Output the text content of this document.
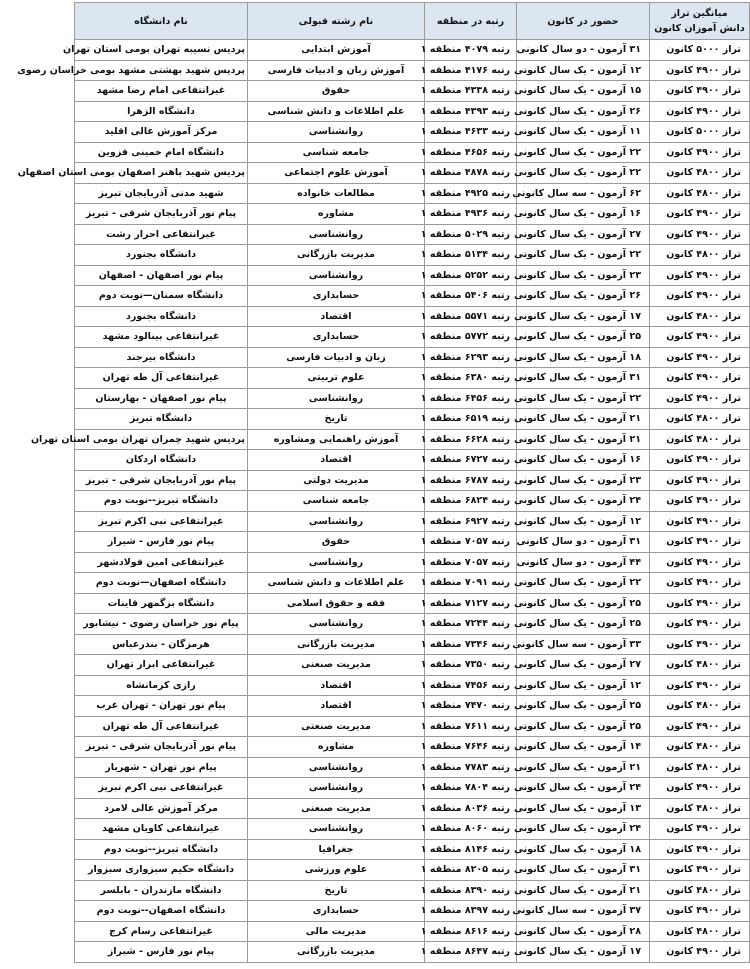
میانگین تراز
دانش آموزان کانون	حضور در کانون	رتبه در منطقه	نام رشته قبولی	نام دانشگاه
تراز ۵۰۰۰ کانون	۳۱ آزمون - دو سال کانونی	رتبه ۴۰۷۹ منطقه ۱	آموزش ابتدایی	پردیس نسیبه تهران بومی استان تهران
تراز ۴۹۰۰ کانون	۱۲ آزمون - یک سال کانونی	رتبه ۴۱۷۶ منطقه ۱	آموزش زبان و ادبیات فارسی	پردیس شهید بهشتی مشهد بومی خراسان رضوی
تراز ۴۹۰۰ کانون	۱۵ آزمون - یک سال کانونی	رتبه ۴۳۳۸ منطقه ۱	حقوق	غیرانتفاعی امام رضا مشهد
تراز ۴۹۰۰ کانون	۲۶ آزمون - یک سال کانونی	رتبه ۴۳۹۳ منطقه ۱	علم اطلاعات و دانش شناسی	دانشگاه الزهرا
تراز ۵۰۰۰ کانون	۱۱ آزمون - یک سال کانونی	رتبه ۴۶۳۳ منطقه ۱	روانشناسی	مرکز آموزش عالی اقلید
تراز ۴۹۰۰ کانون	۲۲ آزمون - یک سال کانونی	رتبه ۴۶۵۶ منطقه ۱	جامعه شناسی	دانشگاه امام خمینی قزوین
تراز ۴۸۰۰ کانون	۲۲ آزمون - یک سال کانونی	رتبه ۴۸۷۸ منطقه ۱	آموزش علوم اجتماعی	پردیس شهید باهنر اصفهان بومی استان اصفهان
تراز ۴۸۰۰ کانون	۶۲ آزمون - سه سال کانونی	رتبه ۴۹۲۵ منطقه ۱	مطالعات خانواده	شهید مدنی آذربایجان تبریز
تراز ۴۹۰۰ کانون	۱۶ آزمون - یک سال کانونی	رتبه ۴۹۳۶ منطقه ۱	مشاوره	پیام نور آذربایجان شرقی - تبریز
تراز ۴۹۰۰ کانون	۲۷ آزمون - یک سال کانونی	رتبه ۵۰۲۹ منطقه ۱	روانشناسی	غیرانتفاعی احرار رشت
تراز ۴۸۰۰ کانون	۲۲ آزمون - یک سال کانونی	رتبه ۵۱۳۴ منطقه ۱	مدیریت بازرگانی	دانشگاه بجنورد
تراز ۴۹۰۰ کانون	۲۳ آزمون - یک سال کانونی	رتبه ۵۲۵۲ منطقه ۱	روانشناسی	پیام نور اصفهان - اصفهان
تراز ۴۹۰۰ کانون	۲۶ آزمون - یک سال کانونی	رتبه ۵۴۰۶ منطقه ۱	حسابداری	دانشگاه سمنان—نوبت دوم
تراز ۴۸۰۰ کانون	۱۷ آزمون - یک سال کانونی	رتبه ۵۵۷۱ منطقه ۱	اقتصاد	دانشگاه بجنورد
تراز ۴۹۰۰ کانون	۲۵ آزمون - یک سال کانونی	رتبه ۵۷۷۲ منطقه ۱	حسابداری	غیرانتفاعی بینالود مشهد
تراز ۴۹۰۰ کانون	۱۸ آزمون - یک سال کانونی	رتبه ۶۲۹۳ منطقه ۱	زبان و ادبیات فارسی	دانشگاه بیرجند
تراز ۴۹۰۰ کانون	۳۱ آزمون - یک سال کانونی	رتبه ۶۳۸۰ منطقه ۱	علوم تربیتی	غیرانتفاعی آل طه تهران
تراز ۴۹۰۰ کانون	۲۲ آزمون - یک سال کانونی	رتبه ۶۴۵۶ منطقه ۱	روانشناسی	پیام نور اصفهان - بهارستان
تراز ۴۸۰۰ کانون	۲۱ آزمون - یک سال کانونی	رتبه ۶۵۱۹ منطقه ۱	تاریخ	دانشگاه تبریز
تراز ۴۸۰۰ کانون	۲۱ آزمون - یک سال کانونی	رتبه ۶۶۲۸ منطقه ۱	آموزش راهنمایی ومشاوره	پردیس شهید چمران تهران بومی استان تهران
تراز ۴۹۰۰ کانون	۱۶ آزمون - یک سال کانونی	رتبه ۶۷۲۷ منطقه ۱	اقتصاد	دانشگاه اردکان
تراز ۴۹۰۰ کانون	۲۳ آزمون - یک سال کانونی	رتبه ۶۷۸۷ منطقه ۱	مدیریت دولتی	پیام نور آذربایجان شرقی - تبریز
تراز ۴۹۰۰ کانون	۲۴ آزمون - یک سال کانونی	رتبه ۶۸۲۴ منطقه ۱	جامعه شناسی	دانشگاه تبریز--نوبت دوم
تراز ۴۹۰۰ کانون	۱۲ آزمون - یک سال کانونی	رتبه ۶۹۲۷ منطقه ۱	روانشناسی	غیرانتفاعی نبی اکرم تبریز
تراز ۴۹۰۰ کانون	۳۱ آزمون - دو سال کانونی	رتبه ۷۰۵۷ منطقه ۱	حقوق	پیام نور فارس - شیراز
تراز ۴۹۰۰ کانون	۴۴ آزمون - دو سال کانونی	رتبه ۷۰۵۷ منطقه ۱	روانشناسی	غیرانتفاعی امین فولادشهر
تراز ۴۹۰۰ کانون	۲۲ آزمون - یک سال کانونی	رتبه ۷۰۹۱ منطقه ۱	علم اطلاعات و دانش شناسی	دانشگاه اصفهان—نوبت دوم
تراز ۴۹۰۰ کانون	۲۵ آزمون - یک سال کانونی	رتبه ۷۱۲۷ منطقه ۱	فقه و حقوق اسلامی	دانشگاه بزگمهر قاینات
تراز ۴۹۰۰ کانون	۲۵ آزمون - یک سال کانونی	رتبه ۷۲۴۴ منطقه ۱	روانشناسی	پیام نور خراسان رضوی - نیشابور
تراز ۴۹۰۰ کانون	۳۳ آزمون - سه سال کانونی	رتبه ۷۳۴۶ منطقه ۱	مدیریت بازرگانی	هرمزگان - بندرعباس
تراز ۴۸۰۰ کانون	۲۷ آزمون - یک سال کانونی	رتبه ۷۳۵۰ منطقه ۱	مدیریت صنعتی	غیرانتفاعی ابرار تهران
تراز ۴۹۰۰ کانون	۱۲ آزمون - یک سال کانونی	رتبه ۷۴۵۶ منطقه ۱	اقتصاد	رازی کرمانشاه
تراز ۴۸۰۰ کانون	۲۵ آزمون - یک سال کانونی	رتبه ۷۴۷۰ منطقه ۱	اقتصاد	پیام نور تهران - تهران غرب
تراز ۴۹۰۰ کانون	۲۵ آزمون - یک سال کانونی	رتبه ۷۶۱۱ منطقه ۱	مدیریت صنعتی	غیرانتفاعی آل طه تهران
تراز ۴۸۰۰ کانون	۱۴ آزمون - یک سال کانونی	رتبه ۷۶۴۶ منطقه ۱	مشاوره	پیام نور آذربایجان شرقی - تبریز
تراز ۴۸۰۰ کانون	۲۱ آزمون - یک سال کانونی	رتبه ۷۷۸۳ منطقه ۱	روانشناسی	پیام نور تهران - شهریار
تراز ۴۹۰۰ کانون	۲۴ آزمون - یک سال کانونی	رتبه ۷۸۰۴ منطقه ۱	روانشناسی	غیرانتفاعی نبی اکرم تبریز
تراز ۴۸۰۰ کانون	۱۳ آزمون - یک سال کانونی	رتبه ۸۰۳۶ منطقه ۱	مدیریت صنعتی	مرکز آموزش عالی لامرد
تراز ۴۹۰۰ کانون	۲۴ آزمون - یک سال کانونی	رتبه ۸۰۶۰ منطقه ۱	روانشناسی	غیرانتفاعی کاویان مشهد
تراز ۴۹۰۰ کانون	۱۸ آزمون - یک سال کانونی	رتبه ۸۱۴۶ منطقه ۱	جغرافیا	دانشگاه تبریز--نوبت دوم
تراز ۴۹۰۰ کانون	۳۱ آزمون - یک سال کانونی	رتبه ۸۲۰۵ منطقه ۱	علوم ورزشی	دانشگاه حکیم سبزواری سبزوار
تراز ۴۸۰۰ کانون	۲۱ آزمون - یک سال کانونی	رتبه ۸۳۹۰ منطقه ۱	تاریخ	دانشگاه مازندران - بابلسر
تراز ۴۹۰۰ کانون	۳۷ آزمون - سه سال کانونی	رتبه ۸۳۹۷ منطقه ۱	حسابداری	دانشگاه اصفهان--نوبت دوم
تراز ۴۸۰۰ کانون	۲۸ آزمون - یک سال کانونی	رتبه ۸۶۱۶ منطقه ۱	مدیریت مالی	غیرانتفاعی رسام کرج
تراز ۴۹۰۰ کانون	۱۷ آزمون - یک سال کانونی	رتبه ۸۶۴۷ منطقه ۱	مدیریت بازرگانی	پیام نور فارس - شیراز
